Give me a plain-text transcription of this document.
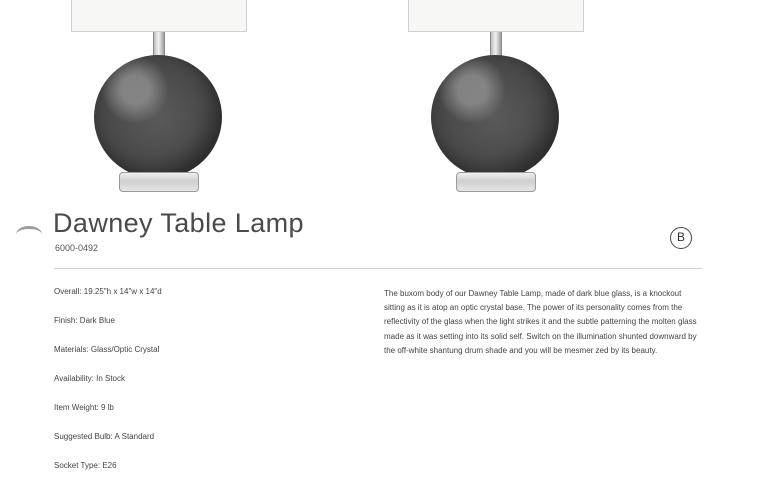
Dawney Table Lamp
6000-0492
B
Overall: 19.25"h x 14"w x 14"d
Finish: Dark Blue
Materials: Glass/Optic Crystal
Availability: In Stock
Item Weight: 9 lb
Suggested Bulb: A Standard
Socket Type: E26

The buxom body of our Dawney Table Lamp, made of dark blue glass, is a knockout sitting as it is atop an optic crystal base. The power of its personality comes from the reflectivity of the glass when the light strikes it and the subtle patterning the molten glass made as it was setting into its solid self. Switch on the illumination shunted downward by the off-white shantung drum shade and you will be mesmer zed by its beauty.
